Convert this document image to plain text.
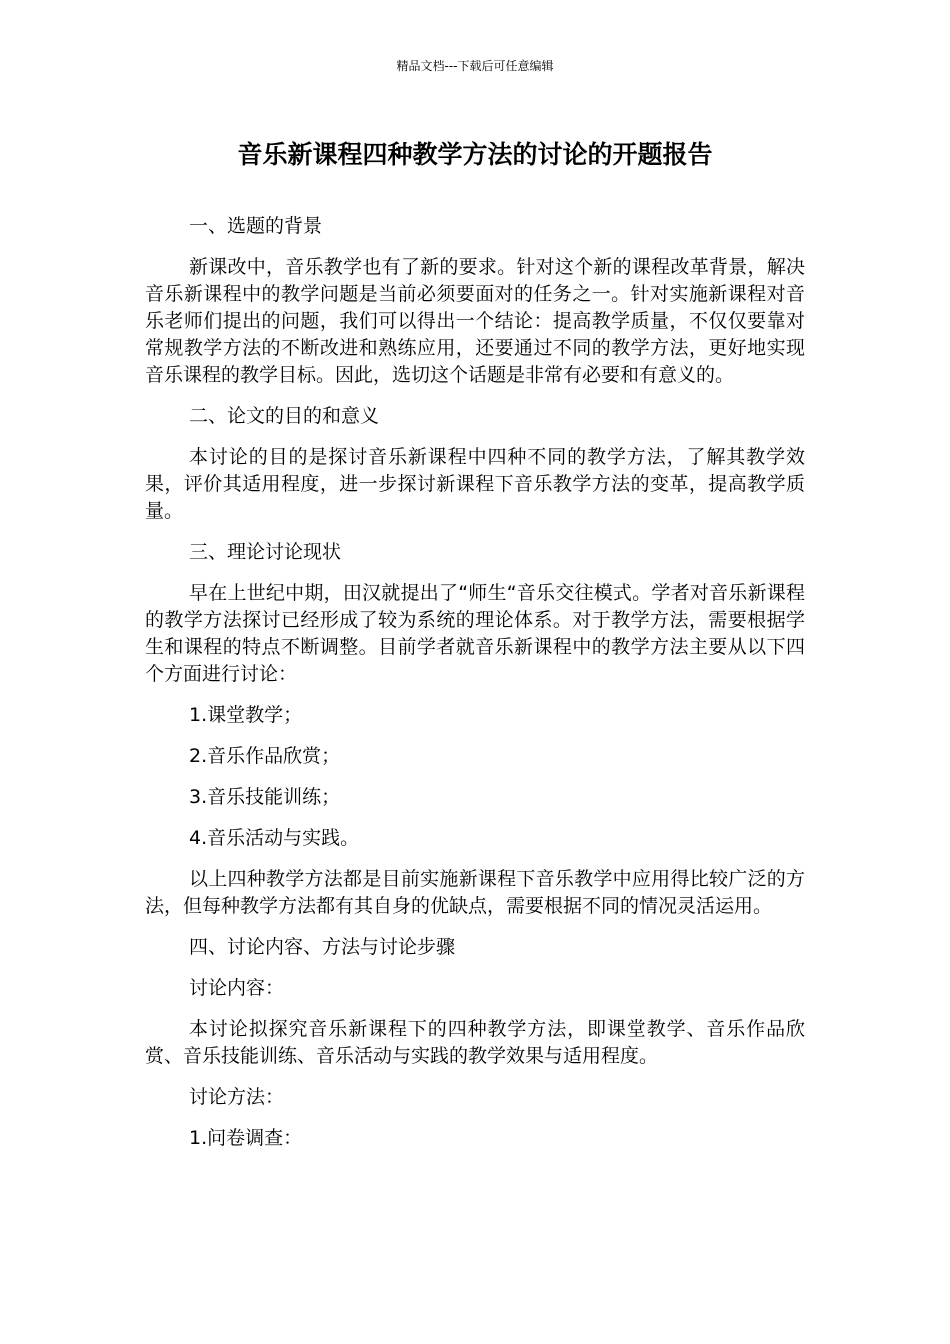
精品文档---下载后可任意编辑
音乐新课程四种教学方法的讨论的开题报告

一、选题的背景

新课改中，音乐教学也有了新的要求。针对这个新的课程改革背景，解决音乐新课程中的教学问题是当前必须要面对的任务之一。针对实施新课程对音乐老师们提出的问题，我们可以得出一个结论：提高教学质量，不仅仅要靠对常规教学方法的不断改进和熟练应用，还要通过不同的教学方法，更好地实现音乐课程的教学目标。因此，选切这个话题是非常有必要和有意义的。

二、论文的目的和意义

本讨论的目的是探讨音乐新课程中四种不同的教学方法，了解其教学效果，评价其适用程度，进一步探讨新课程下音乐教学方法的变革，提高教学质量。

三、理论讨论现状

早在上世纪中期，田汉就提出了“师生“音乐交往模式。学者对音乐新课程的教学方法探讨已经形成了较为系统的理论体系。对于教学方法，需要根据学生和课程的特点不断调整。目前学者就音乐新课程中的教学方法主要从以下四个方面进行讨论：

1.课堂教学；

2.音乐作品欣赏；

3.音乐技能训练；

4.音乐活动与实践。

以上四种教学方法都是目前实施新课程下音乐教学中应用得比较广泛的方法，但每种教学方法都有其自身的优缺点，需要根据不同的情况灵活运用。

四、讨论内容、方法与讨论步骤

讨论内容：

本讨论拟探究音乐新课程下的四种教学方法，即课堂教学、音乐作品欣赏、音乐技能训练、音乐活动与实践的教学效果与适用程度。

讨论方法：

1.问卷调查：
